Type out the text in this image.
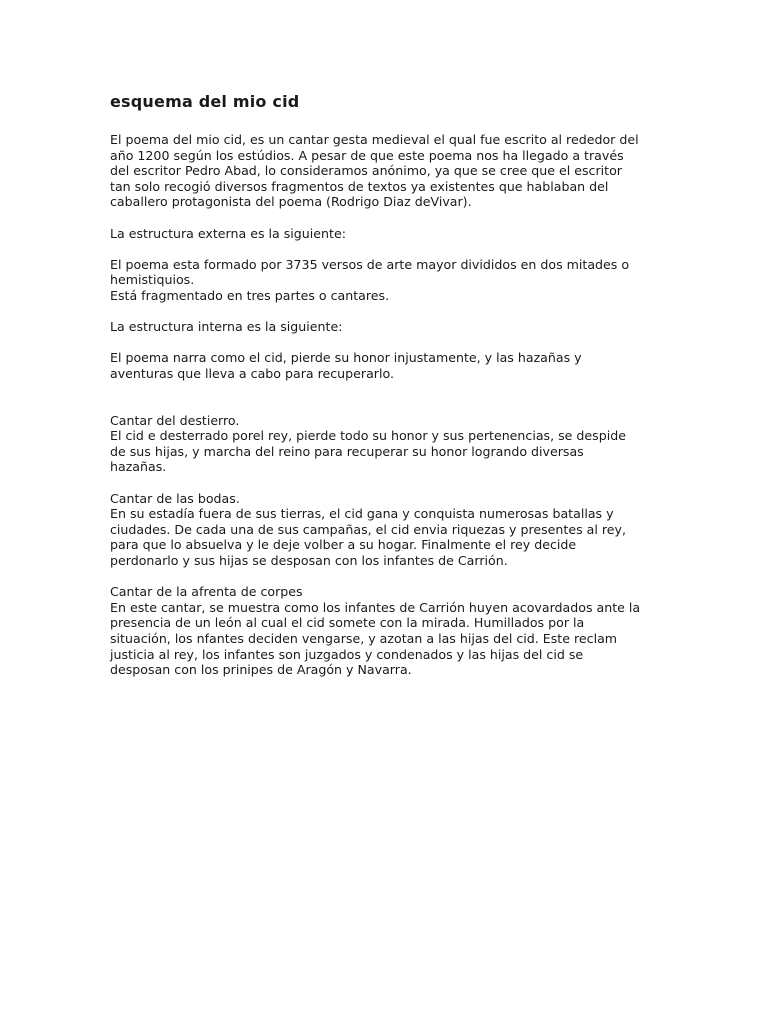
esquema del mio cid

El poema del mio cid, es un cantar gesta medieval el qual fue escrito al rededor del
año 1200 según los estúdios. A pesar de que este poema nos ha llegado a través
del escritor Pedro Abad, lo consideramos anónimo, ya que se cree que el escritor
tan solo recogió diversos fragmentos de textos ya existentes que hablaban del
caballero protagonista del poema (Rodrigo Diaz deVivar).

La estructura externa es la siguiente:

El poema esta formado por 3735 versos de arte mayor divididos en dos mitades o
hemistiquios.
Está fragmentado en tres partes o cantares.

La estructura interna es la siguiente:

El poema narra como el cid, pierde su honor injustamente, y las hazañas y
aventuras que lleva a cabo para recuperarlo.

Cantar del destierro.
El cid e desterrado porel rey, pierde todo su honor y sus pertenencias, se despide
de sus hijas, y marcha del reino para recuperar su honor logrando diversas
hazañas.

Cantar de las bodas.
En su estadía fuera de sus tierras, el cid gana y conquista numerosas batallas y
ciudades. De cada una de sus campañas, el cid envia riquezas y presentes al rey,
para que lo absuelva y le deje volber a su hogar. Finalmente el rey decide
perdonarlo y sus hijas se desposan con los infantes de Carrión.

Cantar de la afrenta de corpes
En este cantar, se muestra como los infantes de Carrión huyen acovardados ante la
presencia de un león al cual el cid somete con la mirada. Humillados por la
situación, los nfantes deciden vengarse, y azotan a las hijas del cid. Este reclam
justicia al rey, los infantes son juzgados y condenados y las hijas del cid se
desposan con los prinipes de Aragón y Navarra.
